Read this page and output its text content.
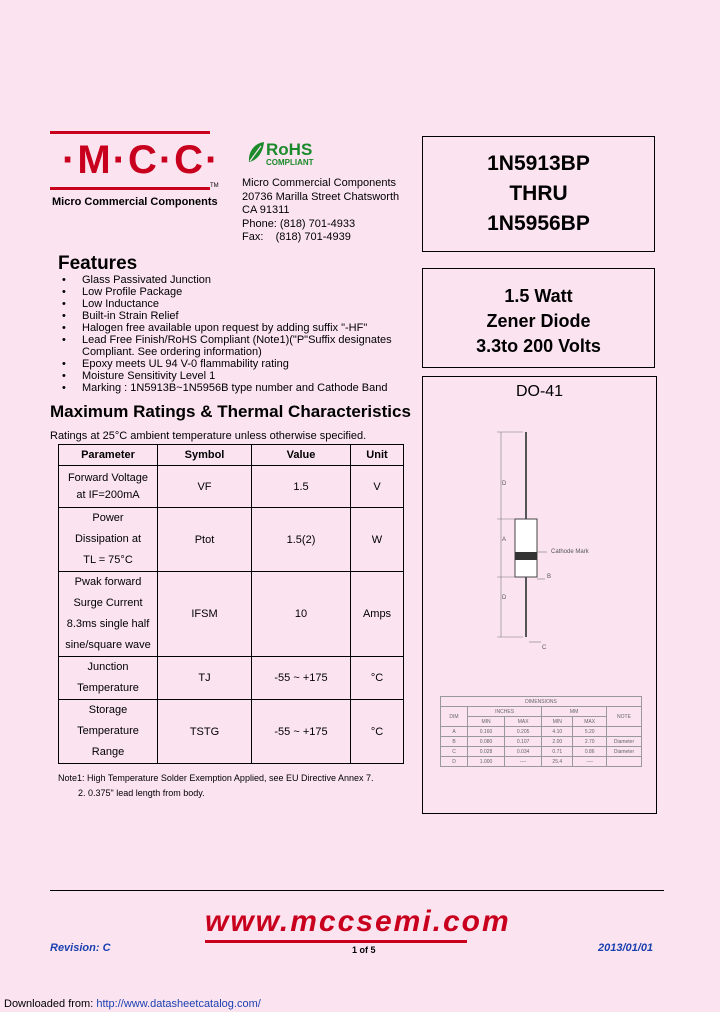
·M·C·C·
TM
Micro Commercial Components
RoHS
COMPLIANT
Micro Commercial Components
20736 Marilla Street Chatsworth
CA 91311
Phone: (818) 701-4933
Fax:    (818) 701-4939
1N5913BP
THRU
1N5956BP
1.5 Watt
Zener Diode
3.3to 200 Volts
DO-41
D
A
Cathode Mark
B
D
C
DIMENSIONS					
DIM	INCHES		MM		NOTE
	MIN	MAX	MIN	MAX	
A	0.160	0.205	4.10	5.20	
B	0.080	0.107	2.00	2.70	Diameter
C	0.028	0.034	0.71	0.86	Diameter
D	1.000	----	25.4	----	
Features
• Glass Passivated Junction
• Low Profile Package
• Low Inductance
• Built-in Strain Relief
• Halogen free available upon request by adding suffix "-HF"
• Lead Free Finish/RoHS Compliant (Note1)("P"Suffix designates
Compliant. See ordering information)
• Epoxy meets UL 94 V-0 flammability rating
• Moisture Sensitivity Level 1
• Marking : 1N5913B~1N5956B type number and Cathode Band
Maximum Ratings & Thermal Characteristics
Ratings at 25°C ambient temperature unless otherwise specified.
Parameter	Symbol	Value	Unit

Forward Voltage
at IF=200mA	VF	1.5	V

Power
Dissipation at
TL = 75°C	Ptot	1.5(2)	W

Pwak forward
Surge Current
8.3ms single half
sine/square wave	IFSM	10	Amps

Junction
Temperature	TJ	-55 ~ +175	°C

Storage
Temperature
Range	TSTG	-55 ~ +175	°C
Note1: High Temperature Solder Exemption Applied, see EU Directive Annex 7.
2. 0.375" lead length from body.
www.mccsemi.com
Revision: C	1 of 5	2013/01/01
Downloaded from: http://www.datasheetcatalog.com/
